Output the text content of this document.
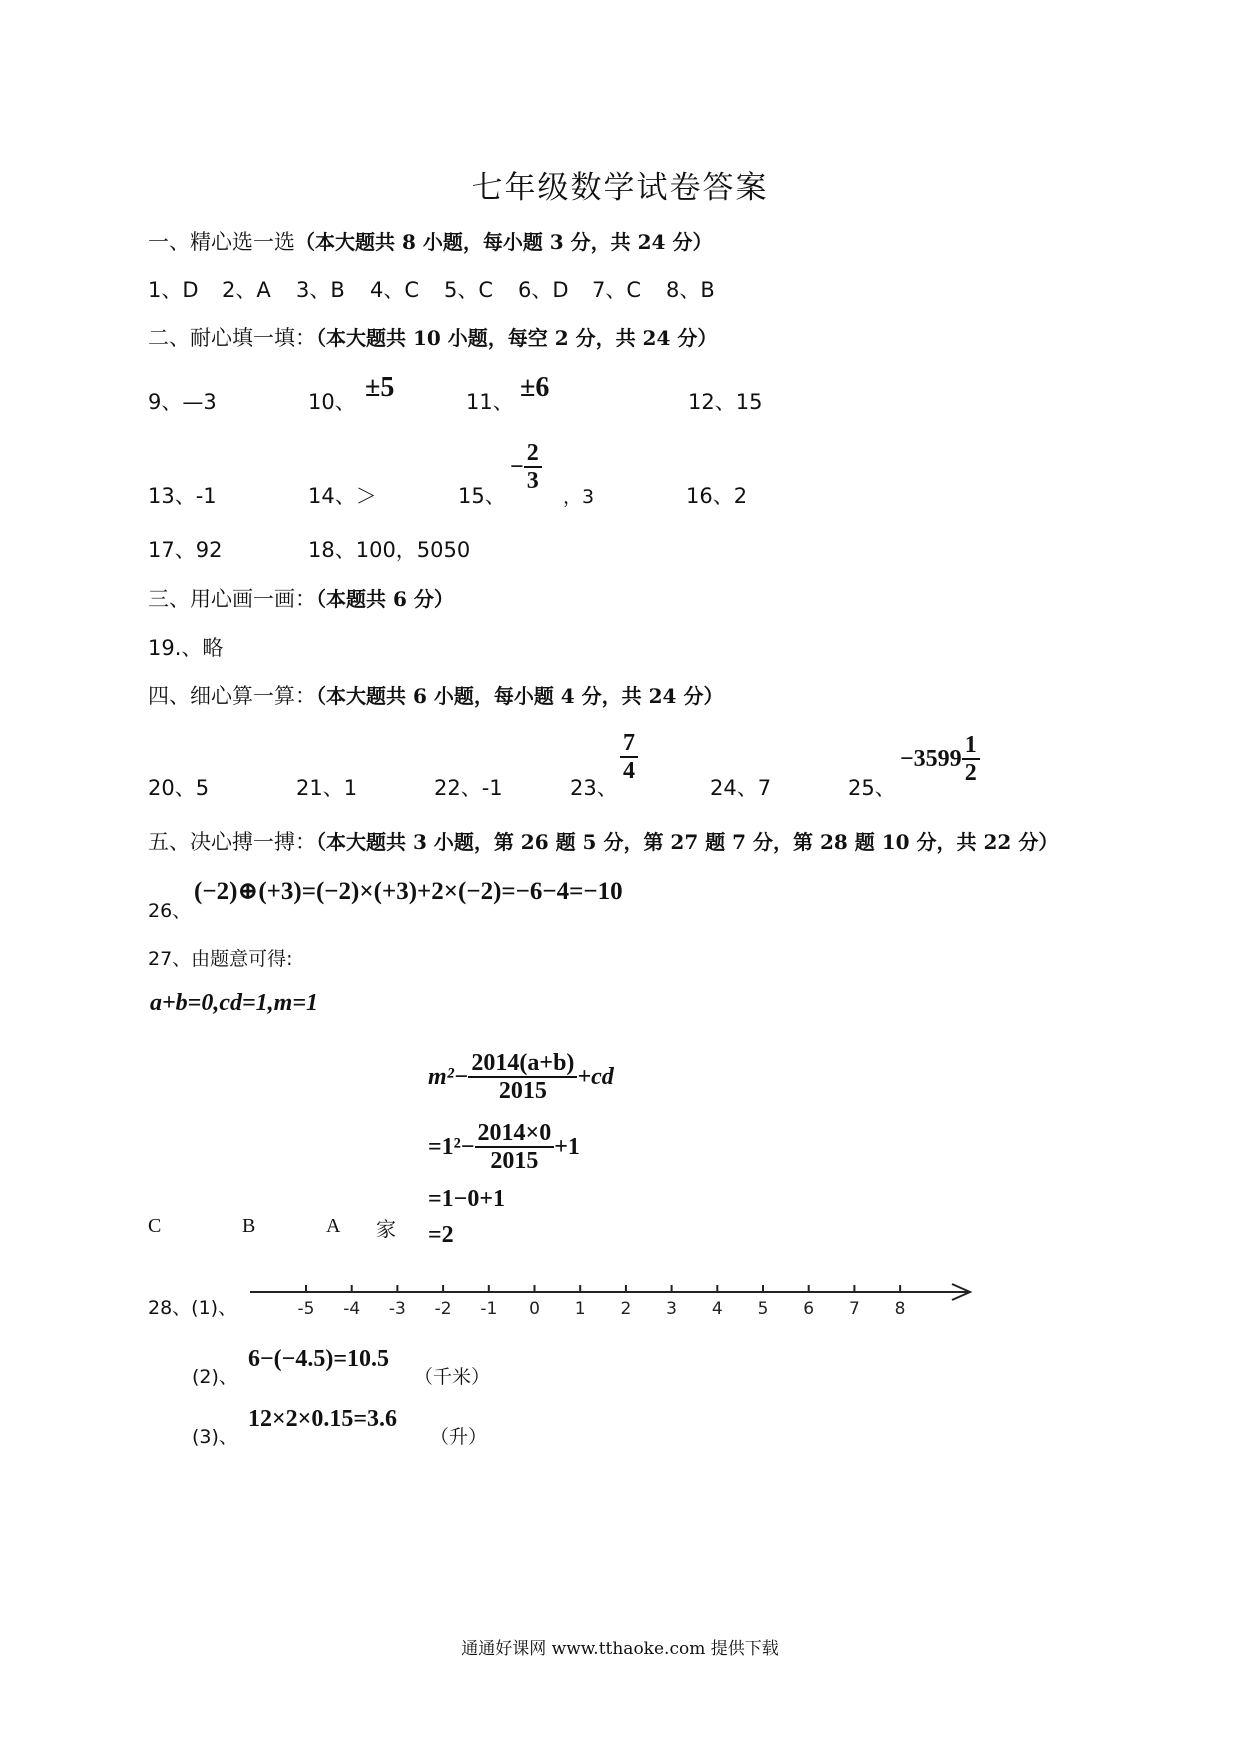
七年级数学试卷答案
一、精心选一选（本大题共 8 小题，每小题 3 分，共 24 分）
1、D 2、A 3、B 4、C 5、C 6、D 7、C 8、B
二、耐心填一填：（本大题共 10 小题，每空 2 分，共 24 分）
9、—3	10、 ±5	11、 ±6	12、15
13、-1	14、＞	15、
− $\frac{2}{3}$
，3	16、2
17、92	18、100，5050
三、用心画一画：（本题共 6 分）
19.、略
四、细心算一算：（本大题共 6 小题，每小题 4 分，共 24 分）
20、5	21、1	22、-1	23、
$\frac{7}{4}$
24、7	25、
$-3599 \frac{1}{2}$
五、决心搏一搏：（本大题共 3 小题，第 26 题 5 分，第 27 题 7 分，第 28 题 10 分，共 22 分）
26、
(−2)⊕(+3)=(−2)×(+3)+2×(−2)=−6−4=−10
27、由题意可得:
a+b=0,cd=1,m=1
$m^2- \frac{2014(a+b)}{2015} +cd$
$=1^2- \frac{2014\times 0}{2015} +1$
=1−0+1
=2
C	B	A 家
28、(1)、	-5 -4 -3 -2 -1 0 1 2 3 4 5 6 7 8
(2)、
6−(−4.5)=10.5
（千米）
(3)、
12×2×0.15=3.6
（升）
通通好课网 www.tthaoke.com 提供下载
